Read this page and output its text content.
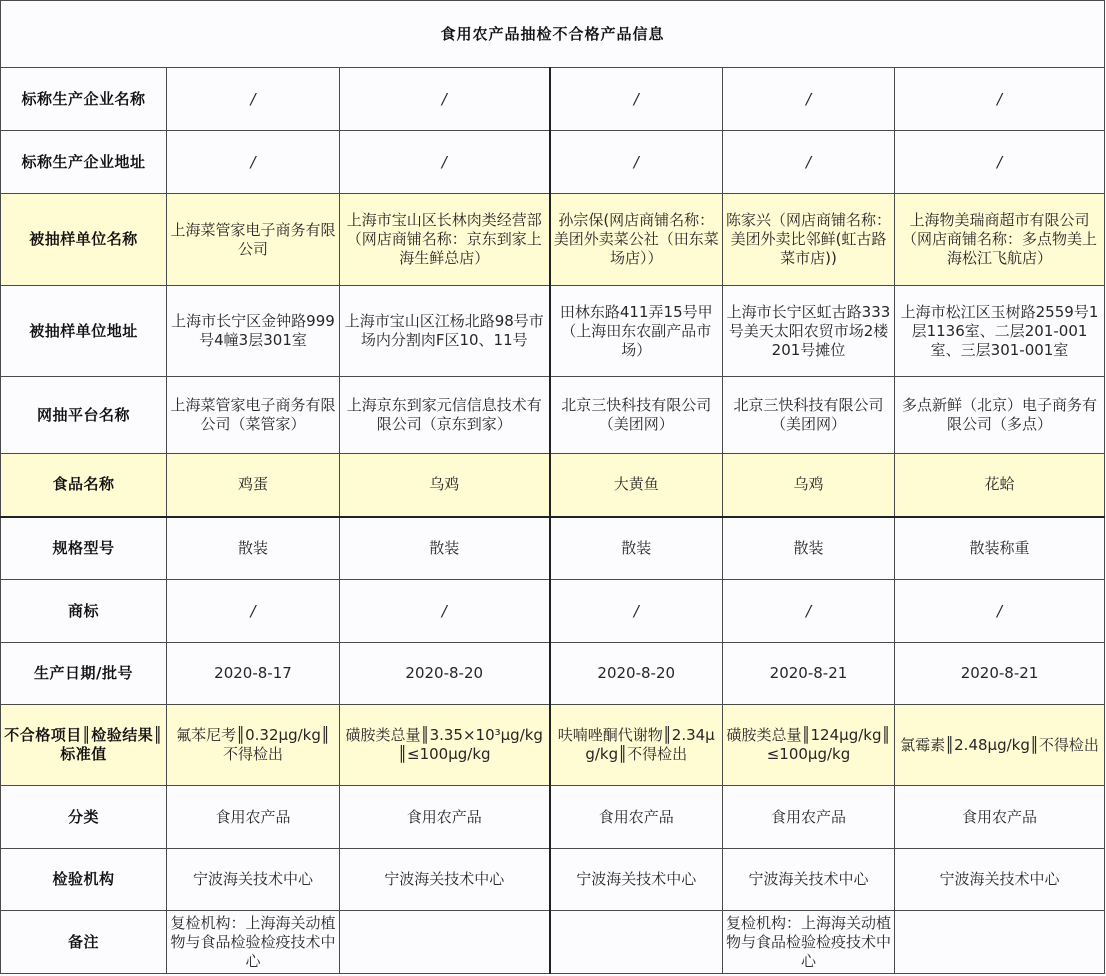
食用农产品抽检不合格产品信息					
标称生产企业名称	/	/	/	/	/
标称生产企业地址	/	/	/	/	/
被抽样单位名称	上海菜管家电子商务有限公司	上海市宝山区长林肉类经营部（网店商铺名称：京东到家上海生鲜总店）	孙宗保(网店商铺名称：美团外卖菜公社（田东菜场店））	陈家兴（网店商铺名称：美团外卖比邻鲜(虹古路菜市店))	上海物美瑞商超市有限公司（网店商铺名称：多点物美上海松江飞航店）
被抽样单位地址	上海市长宁区金钟路999号4幢3层301室	上海市宝山区江杨北路98号市场内分割肉F区10、11号	田林东路411弄15号甲（上海田东农副产品市场）	上海市长宁区虹古路333号美天太阳农贸市场2楼201号摊位	上海市松江区玉树路2559号1层1136室、二层201-001室、三层301-001室
网抽平台名称	上海菜管家电子商务有限公司（菜管家）	上海京东到家元信信息技术有限公司（京东到家）	北京三快科技有限公司（美团网）	北京三快科技有限公司（美团网）	多点新鲜（北京）电子商务有限公司（多点）
食品名称	鸡蛋	乌鸡	大黄鱼	乌鸡	花蛤
规格型号	散装	散装	散装	散装	散装称重
商标	/	/	/	/	/
生产日期/批号	2020-8-17	2020-8-20	2020-8-20	2020-8-21	2020-8-21
不合格项目║检验结果║标准值	氟苯尼考║0.32μg/kg║不得检出	磺胺类总量║3.35×10³μg/kg║≤100μg/kg	呋喃唑酮代谢物║2.34μg/kg║不得检出	磺胺类总量║124μg/kg║≤100μg/kg	氯霉素║2.48μg/kg║不得检出
分类	食用农产品	食用农产品	食用农产品	食用农产品	食用农产品
检验机构	宁波海关技术中心	宁波海关技术中心	宁波海关技术中心	宁波海关技术中心	宁波海关技术中心
备注	复检机构：上海海关动植物与食品检验检疫技术中心			复检机构：上海海关动植物与食品检验检疫技术中心	
